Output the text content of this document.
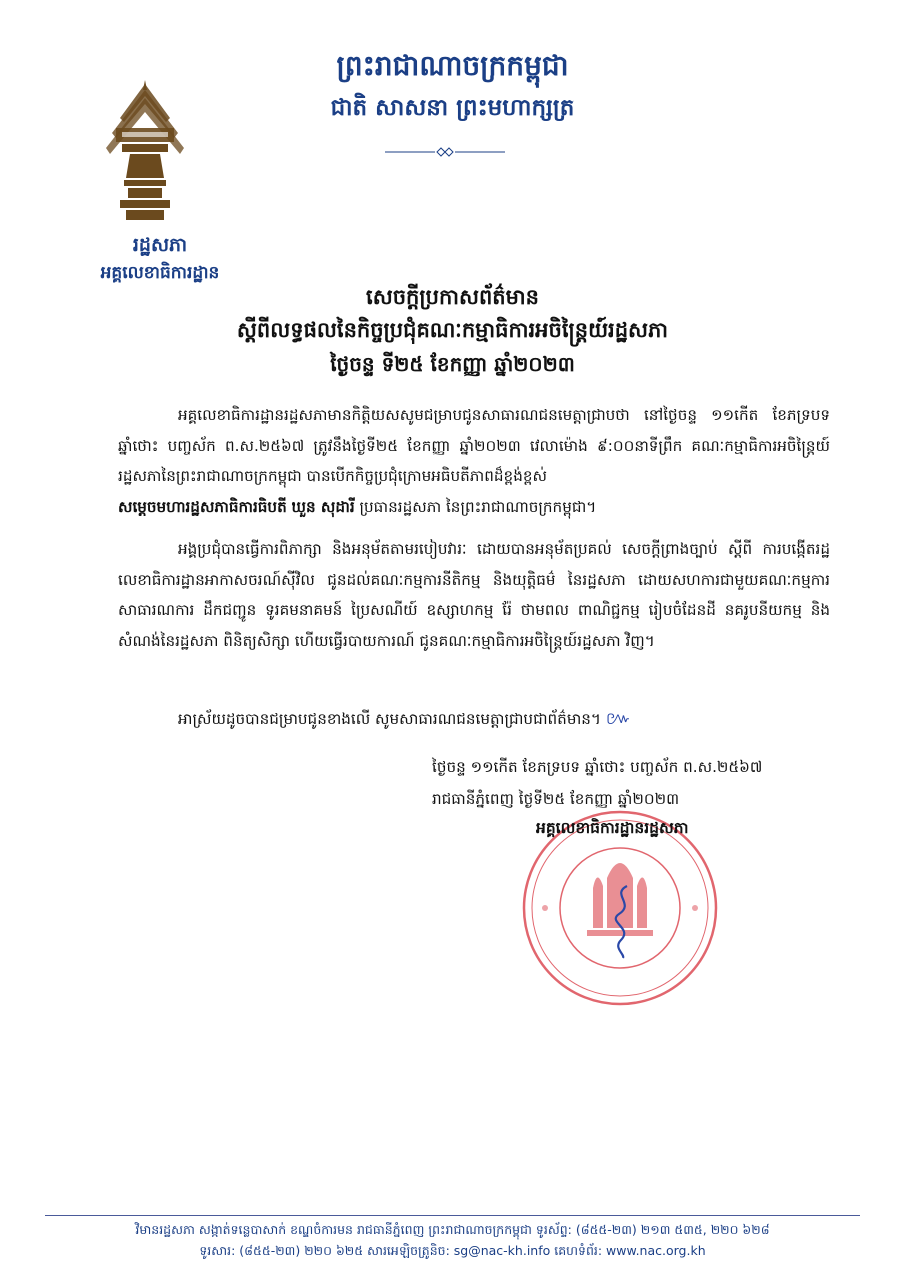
ព្រះរាជាណាចក្រកម្ពុជា
ជាតិ សាសនា ព្រះមហាក្សត្រ
រដ្ឋសភា
អគ្គលេខាធិការដ្ឋាន
សេចក្តីប្រកាសព័ត៌មាន
ស្តីពីលទ្ធផលនៃកិច្ចប្រជុំគណៈកម្មាធិការអចិន្ត្រៃយ៍រដ្ឋសភា
ថ្ងៃចន្ទ ទី២៥ ខែកញ្ញា ឆ្នាំ២០២៣
អគ្គលេខាធិការដ្ឋានរដ្ឋសភាមានកិត្តិយសសូមជម្រាបជូនសាធារណជនមេត្តាជ្រាបថា នៅថ្ងៃចន្ទ ១១កើត ខែភទ្របទ ឆ្នាំថោះ បញ្ចស័ក ព.ស.២៥៦៧ ត្រូវនឹងថ្ងៃទី២៥ ខែកញ្ញា ឆ្នាំ២០២៣ វេលាម៉ោង ៩:០០នាទីព្រឹក គណៈកម្មាធិការអចិន្ត្រៃយ៍រដ្ឋសភានៃព្រះរាជាណាចក្រកម្ពុជា បានបើកកិច្ចប្រជុំក្រោមអធិបតីភាពដ៏ខ្ពង់ខ្ពស់
សម្តេចមហារដ្ឋសភាធិការធិបតី ឃួន សុដារី ប្រធានរដ្ឋសភា នៃព្រះរាជាណាចក្រកម្ពុជា។
អង្គប្រជុំបានធ្វើការពិភាក្សា និងអនុម័តតាមរបៀបវារៈ ដោយបានអនុម័តប្រគល់ សេចក្តីព្រាងច្បាប់ ស្តីពី ការបង្កើតរដ្ឋលេខាធិការដ្ឋានអាកាសចរណ៍ស៊ីវិល ជូនដល់គណៈកម្មការនីតិកម្ម និងយុត្តិធម៌ នៃរដ្ឋសភា ដោយសហការជាមួយគណៈកម្មការសាធារណការ ដឹកជញ្ជូន ទូរគមនាគមន៍ ប្រៃសណីយ៍ ឧស្សាហកម្ម រ៉ែ ថាមពល ពាណិជ្ជកម្ម រៀបចំដែនដី នគរូបនីយកម្ម និងសំណង់នៃរដ្ឋសភា ពិនិត្យសិក្សា ហើយធ្វើរបាយការណ៍ ជូនគណៈកម្មាធិការអចិន្ត្រៃយ៍រដ្ឋសភា វិញ។
អាស្រ័យដូចបានជម្រាបជូនខាងលើ សូមសាធារណជនមេត្តាជ្រាបជាព័ត៌មាន។ ៚
ថ្ងៃចន្ទ ១១កើត ខែភទ្របទ ឆ្នាំថោះ បញ្ចស័ក ព.ស.២៥៦៧
រាជធានីភ្នំពេញ ថ្ងៃទី២៥ ខែកញ្ញា ឆ្នាំ២០២៣
អគ្គលេខាធិការដ្ឋានរដ្ឋសភា
វិមានរដ្ឋសភា សង្កាត់ទន្លេបាសាក់ ខណ្ឌចំការមន រាជធានីភ្នំពេញ ព្រះរាជាណាចក្រកម្ពុជា ទូរស័ព្ទ: (៨៥៥-២៣) ២១៣ ៥៣៥, ២២០ ៦២៨
ទូរសារ: (៨៥៥-២៣) ២២០ ៦២៥ សារអេឡិចត្រូនិច: sg@nac-kh.info គេហទំព័រ: www.nac.org.kh
